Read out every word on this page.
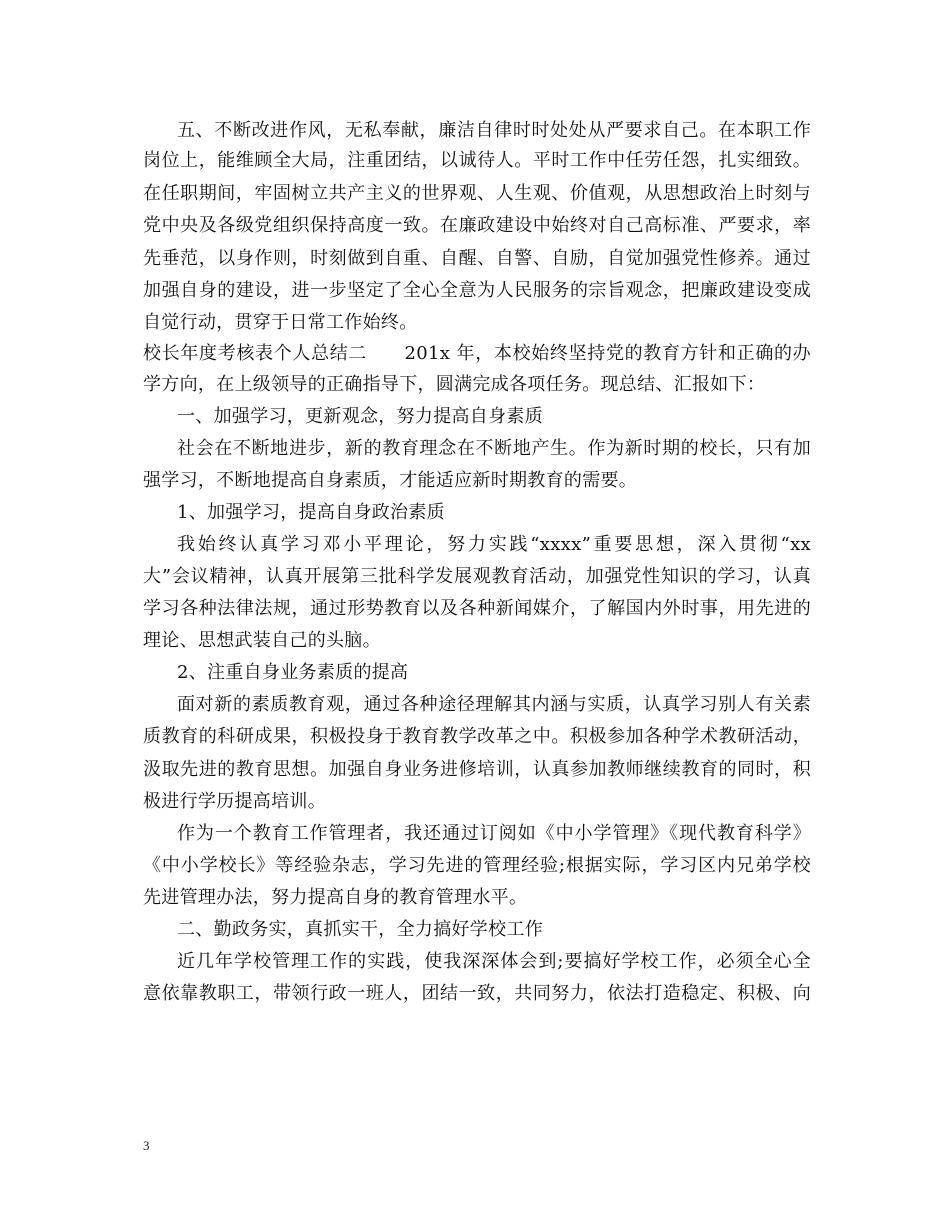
五、不断改进作风，无私奉献，廉洁自律时时处处从严要求自己。在本职工作
岗位上，能维顾全大局，注重团结，以诚待人。平时工作中任劳任怨，扎实细致。
在任职期间，牢固树立共产主义的世界观、人生观、价值观，从思想政治上时刻与
党中央及各级党组织保持高度一致。在廉政建设中始终对自己高标准、严要求，率
先垂范，以身作则，时刻做到自重、自醒、自警、自励，自觉加强党性修养。通过
加强自身的建设，进一步坚定了全心全意为人民服务的宗旨观念，把廉政建设变成
自觉行动，贯穿于日常工作始终。
校长年度考核表个人总结二　　201x 年，本校始终坚持党的教育方针和正确的办
学方向，在上级领导的正确指导下，圆满完成各项任务。现总结、汇报如下：
一、加强学习，更新观念，努力提高自身素质
社会在不断地进步，新的教育理念在不断地产生。作为新时期的校长，只有加
强学习，不断地提高自身素质，才能适应新时期教育的需要。
1、加强学习，提高自身政治素质
我始终认真学习邓小平理论，努力实践“xxxx”重要思想，深入贯彻“xx
大”会议精神，认真开展第三批科学发展观教育活动，加强党性知识的学习，认真
学习各种法律法规，通过形势教育以及各种新闻媒介，了解国内外时事，用先进的
理论、思想武装自己的头脑。
2、注重自身业务素质的提高
面对新的素质教育观，通过各种途径理解其内涵与实质，认真学习别人有关素
质教育的科研成果，积极投身于教育教学改革之中。积极参加各种学术教研活动，
汲取先进的教育思想。加强自身业务进修培训，认真参加教师继续教育的同时，积
极进行学历提高培训。
作为一个教育工作管理者，我还通过订阅如《中小学管理》《现代教育科学》
《中小学校长》等经验杂志，学习先进的管理经验;根据实际，学习区内兄弟学校
先进管理办法，努力提高自身的教育管理水平。
二、勤政务实，真抓实干，全力搞好学校工作
近几年学校管理工作的实践，使我深深体会到;要搞好学校工作，必须全心全
意依靠教职工，带领行政一班人，团结一致，共同努力，依法打造稳定、积极、向
3
